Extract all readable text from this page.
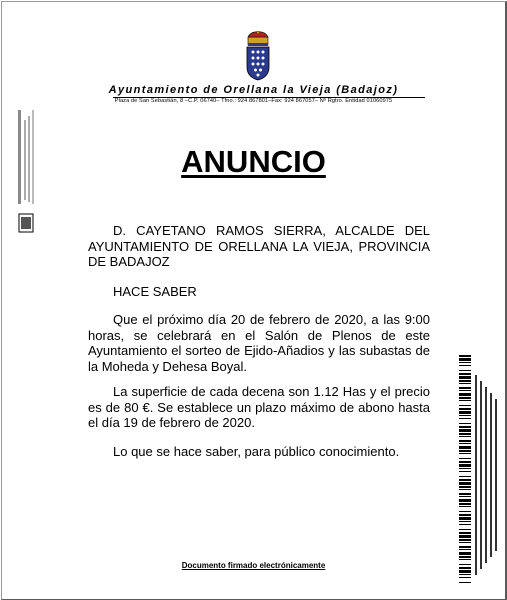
Ayuntamiento de Orellana la Vieja (Badajoz)
Plaza de San Sebastián, 8 –C.P. 06740– Tfno.: 924 867801–Fax: 924 867057– Nº Rgtro. Entidad 01060975
ANUNCIO
D. CAYETANO RAMOS SIERRA, ALCALDE DEL AYUNTAMIENTO DE ORELLANA LA VIEJA, PROVINCIA DE BADAJOZ
HACE SABER
Que el próximo día 20 de febrero de 2020, a las 9:00 horas, se celebrará en el Salón de Plenos de este Ayuntamiento el sorteo de Ejido-Añadios y las subastas de la Moheda y Dehesa Boyal.
La superficie de cada decena son 1.12 Has y el precio es de 80 €. Se establece un plazo máximo de abono hasta el día 19 de febrero de 2020.
Lo que se hace saber, para público conocimiento.
Documento firmado electrónicamente
